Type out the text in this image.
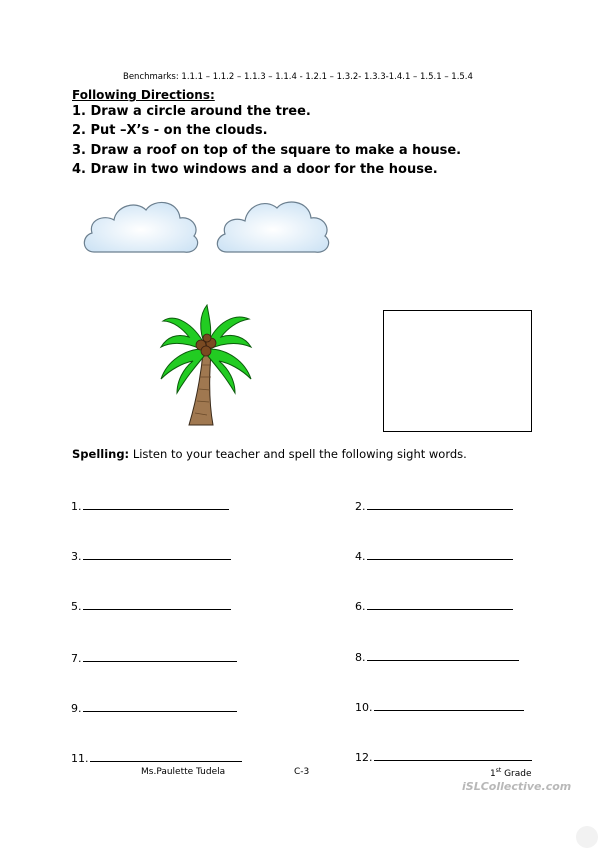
Benchmarks: 1.1.1 – 1.1.2 – 1.1.3 – 1.1.4 - 1.2.1 – 1.3.2- 1.3.3-1.4.1 – 1.5.1 – 1.5.4
Following Directions:
1. Draw a circle around the tree.
2. Put –X’s - on the clouds.
3. Draw a roof on top of the square to make a house.
4. Draw in two windows and a door for the house.
Spelling: Listen to your teacher and spell the following sight words.
1.
3.
5.
7.
9.
11.
2.
4.
6.
8.
10.
12.
Ms.Paulette Tudela	C-3	1st Grade
iSLCollective.com
